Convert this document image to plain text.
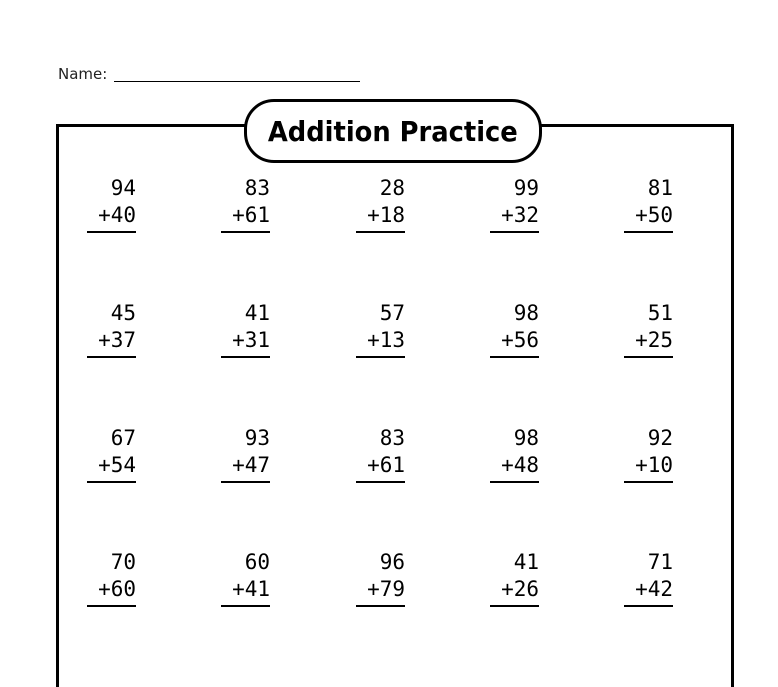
Name:
Addition Practice
94
+40
83
+61
28
+18
99
+32
81
+50
45
+37
41
+31
57
+13
98
+56
51
+25
67
+54
93
+47
83
+61
98
+48
92
+10
70
+60
60
+41
96
+79
41
+26
71
+42
